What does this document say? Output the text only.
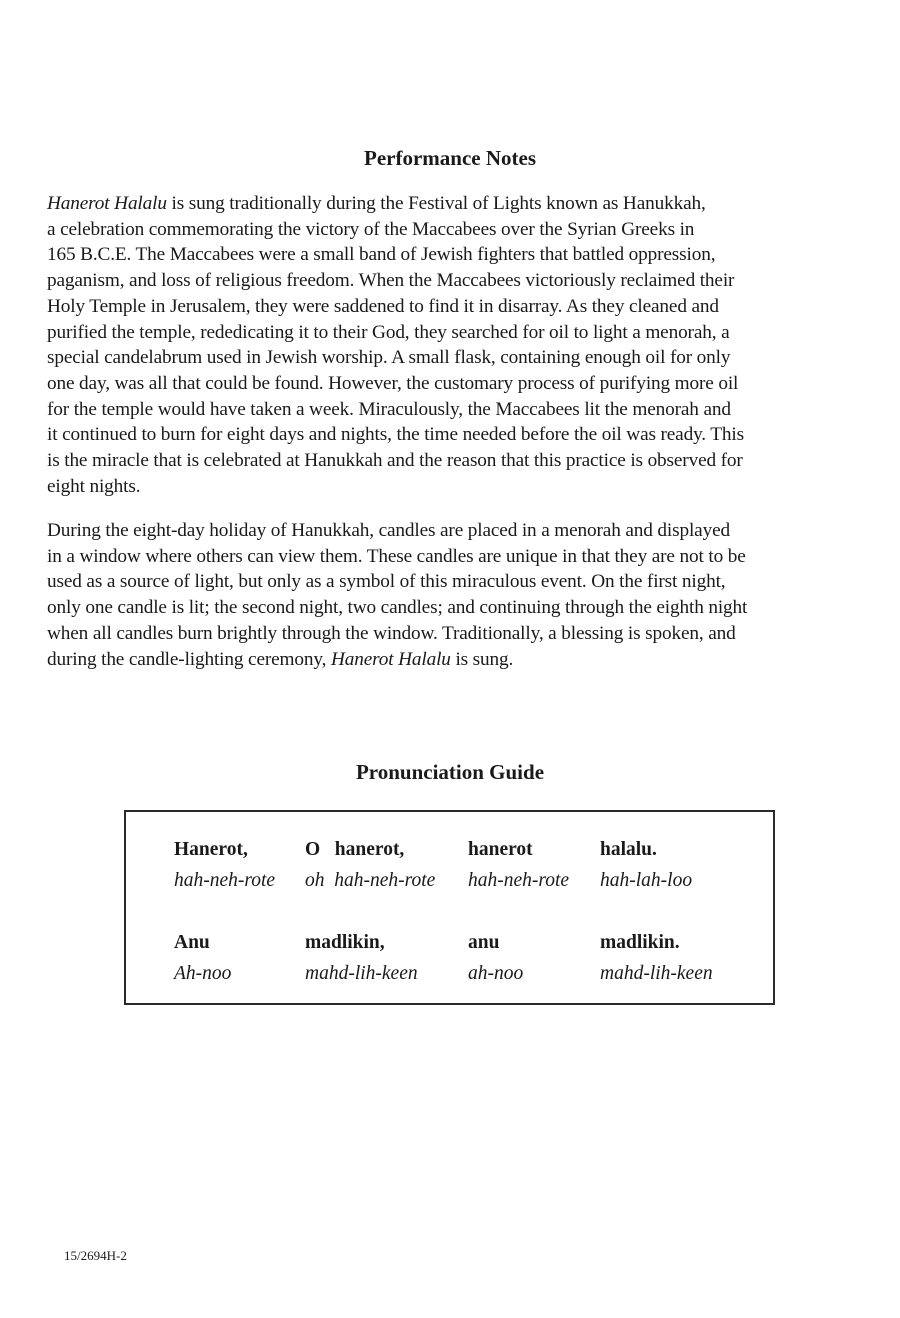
Performance Notes

Hanerot Halalu is sung traditionally during the Festival of Lights known as Hanukkah,
a celebration commemorating the victory of the Maccabees over the Syrian Greeks in
165 B.C.E. The Maccabees were a small band of Jewish fighters that battled oppression,
paganism, and loss of religious freedom. When the Maccabees victoriously reclaimed their
Holy Temple in Jerusalem, they were saddened to find it in disarray. As they cleaned and
purified the temple, rededicating it to their God, they searched for oil to light a menorah, a
special candelabrum used in Jewish worship. A small flask, containing enough oil for only
one day, was all that could be found. However, the customary process of purifying more oil
for the temple would have taken a week. Miraculously, the Maccabees lit the menorah and
it continued to burn for eight days and nights, the time needed before the oil was ready. This
is the miracle that is celebrated at Hanukkah and the reason that this practice is observed for
eight nights.

During the eight-day holiday of Hanukkah, candles are placed in a menorah and displayed
in a window where others can view them. These candles are unique in that they are not to be
used as a source of light, but only as a symbol of this miraculous event. On the first night,
only one candle is lit; the second night, two candles; and continuing through the eighth night
when all candles burn brightly through the window. Traditionally, a blessing is spoken, and
during the candle-lighting ceremony, Hanerot Halalu is sung.

Pronunciation Guide
Hanerot,
hah-neh-rote
O   hanerot,
oh  hah-neh-rote
hanerot
hah-neh-rote
halalu.
hah-lah-loo
Anu
Ah-noo
madlikin,
mahd-lih-keen
anu
ah-noo
madlikin.
mahd-lih-keen

15/2694H-2
